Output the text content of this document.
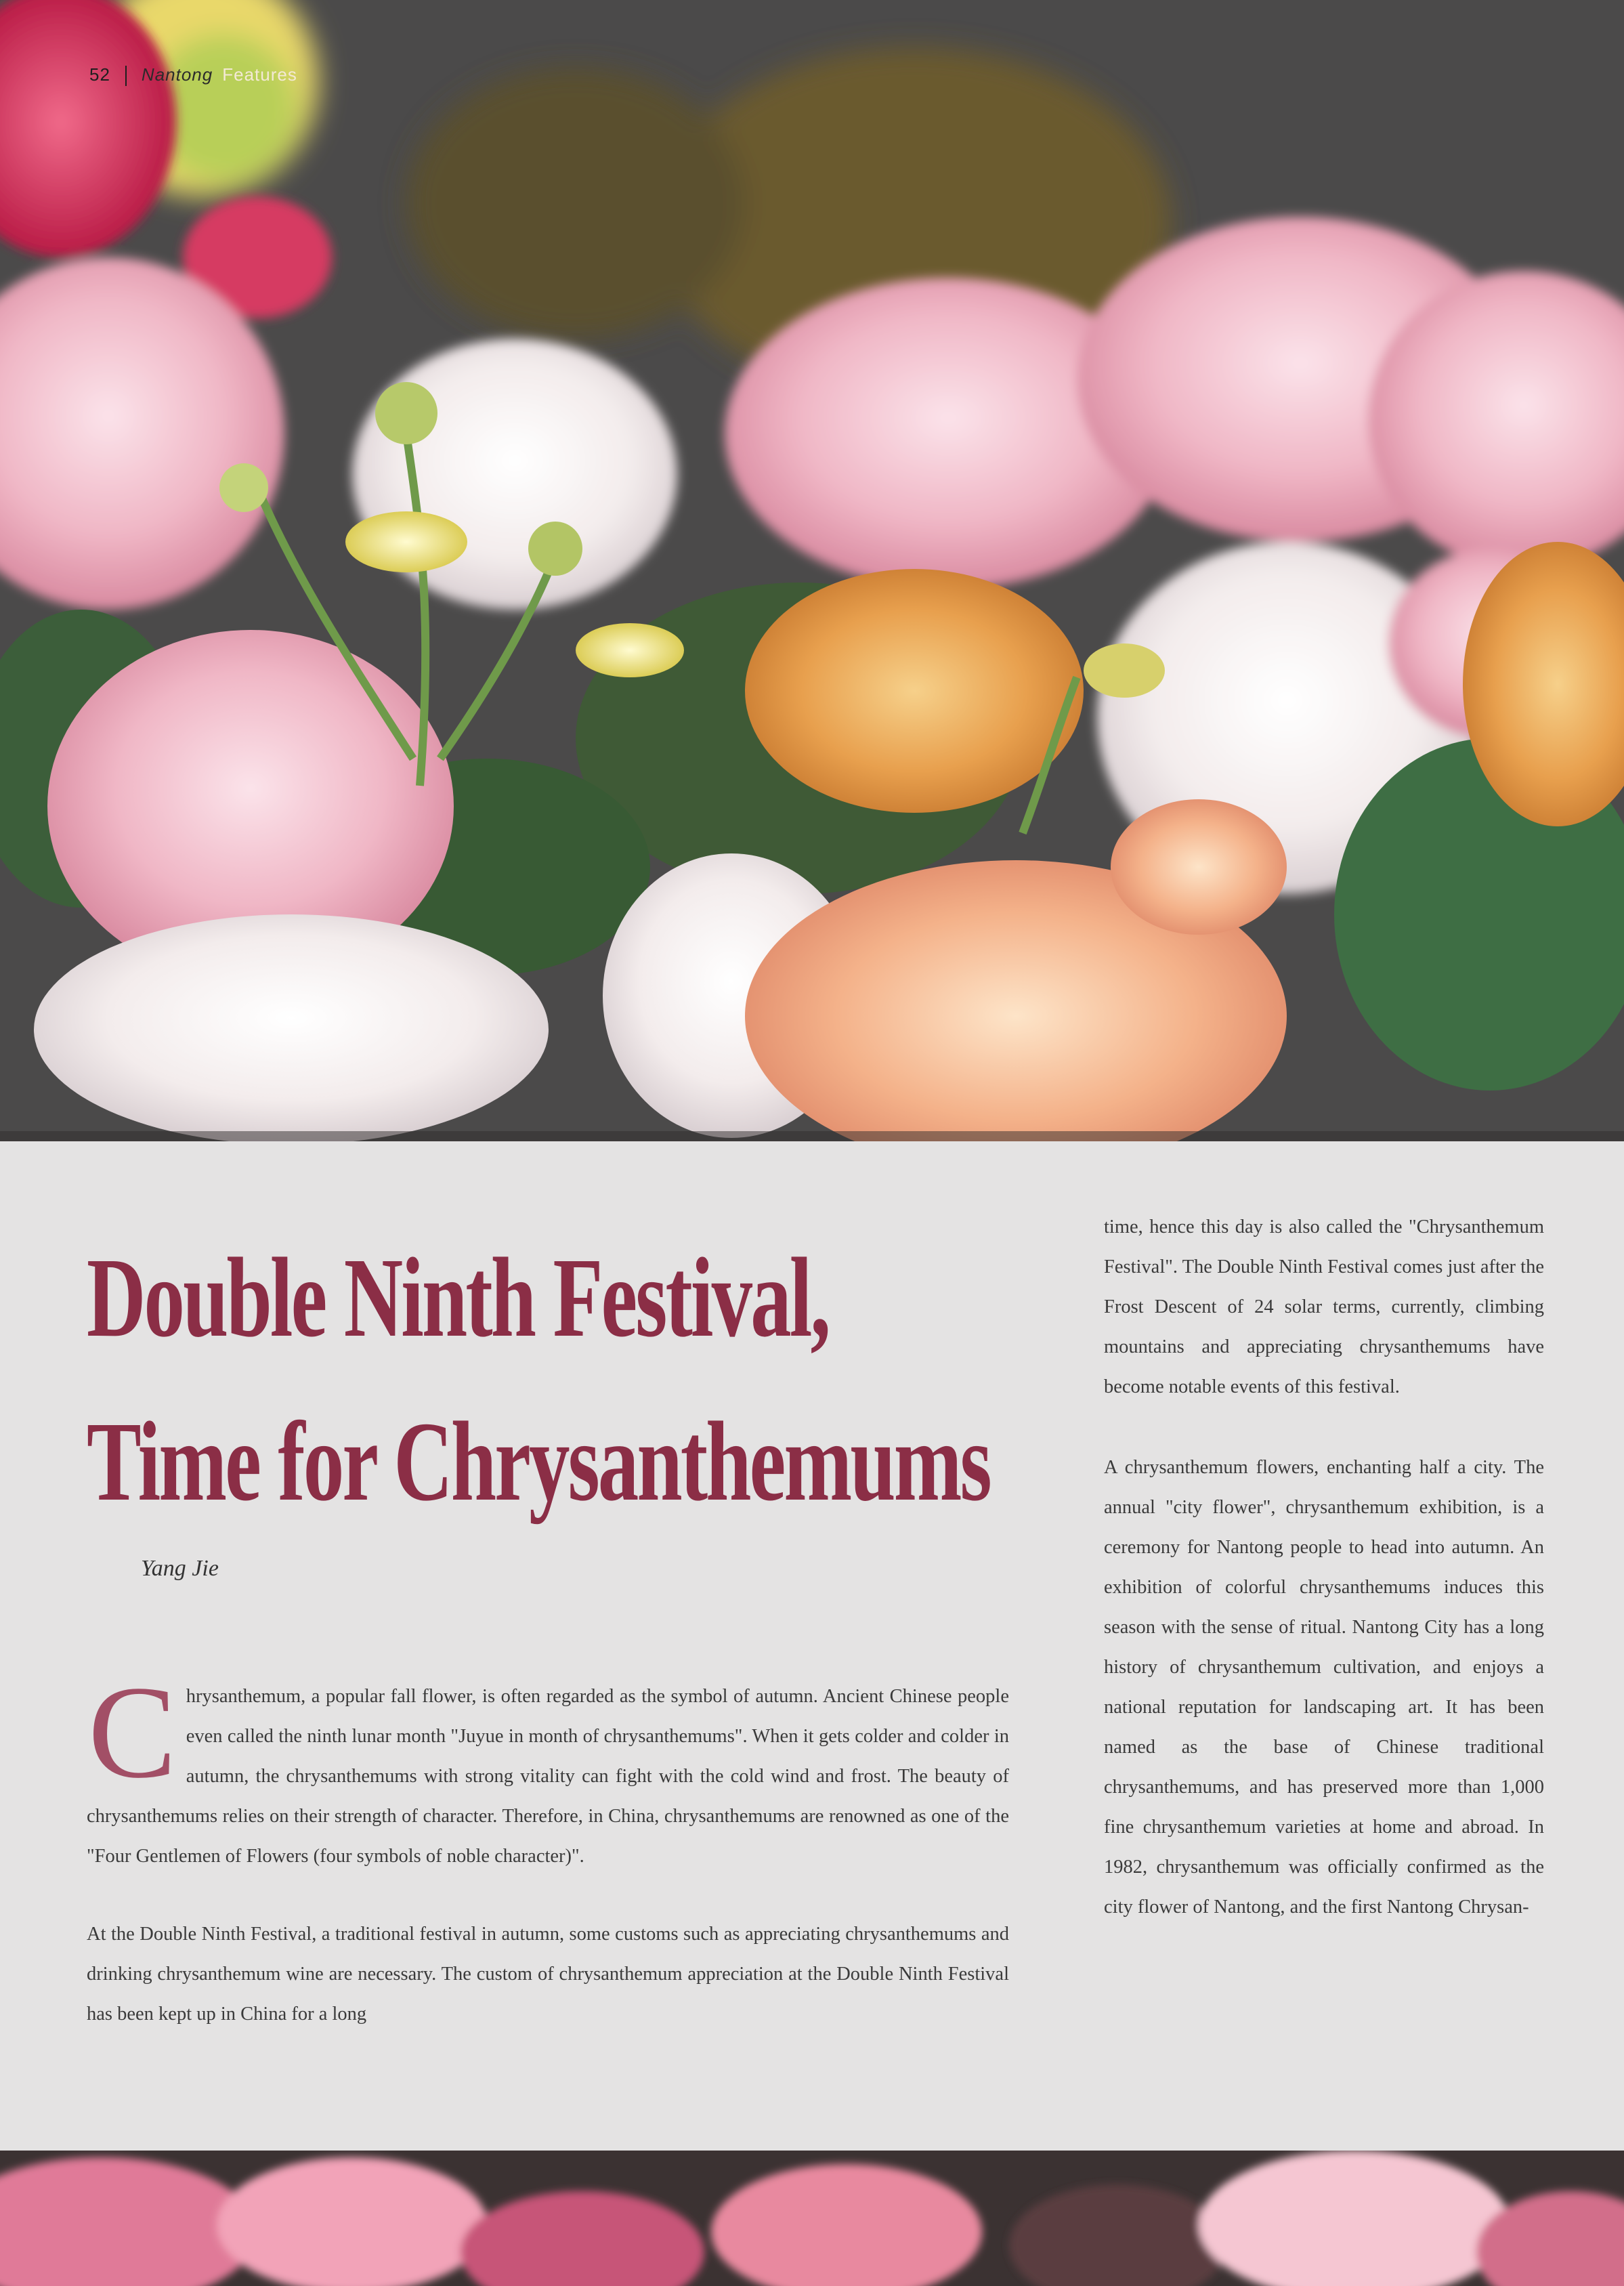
52 Nantong Features
Double Ninth Festival,
Time for Chrysanthemums
Yang Jie

Chrysanthemum, a popular fall flower, is often regarded as the symbol of autumn. Ancient Chinese people even called the ninth lunar month "Juyue in month of chrysanthemums". When it gets colder and colder in autumn, the chrysanthemums with strong vitality can fight with the cold wind and frost. The beauty of chrysanthemums relies on their strength of character. Therefore, in China, chrysanthemums are renowned as one of the "Four Gentlemen of Flowers (four symbols of noble character)".

At the Double Ninth Festival, a traditional festival in autumn, some customs such as appreciating chrysanthemums and drinking chrysanthemum wine are necessary. The custom of chrysanthemum appreciation at the Double Ninth Festival has been kept up in China for a long

time, hence this day is also called the "Chrysanthemum Festival". The Double Ninth Festival comes just after the Frost Descent of 24 solar terms, currently, climbing mountains and appreciating chrysanthemums have become notable events of this festival.

A chrysanthemum flowers, enchanting half a city. The annual "city flower", chrysanthemum exhibition, is a ceremony for Nantong people to head into autumn. An exhibition of colorful chrysanthemums induces this season with the sense of ritual. Nantong City has a long history of chrysanthemum cultivation, and enjoys a national reputation for landscaping art. It has been named as the base of Chinese traditional chrysanthemums, and has preserved more than 1,000 fine chrysanthemum varieties at home and abroad. In 1982, chrysanthemum was officially confirmed as the city flower of Nantong, and the first Nantong Chrysan-
